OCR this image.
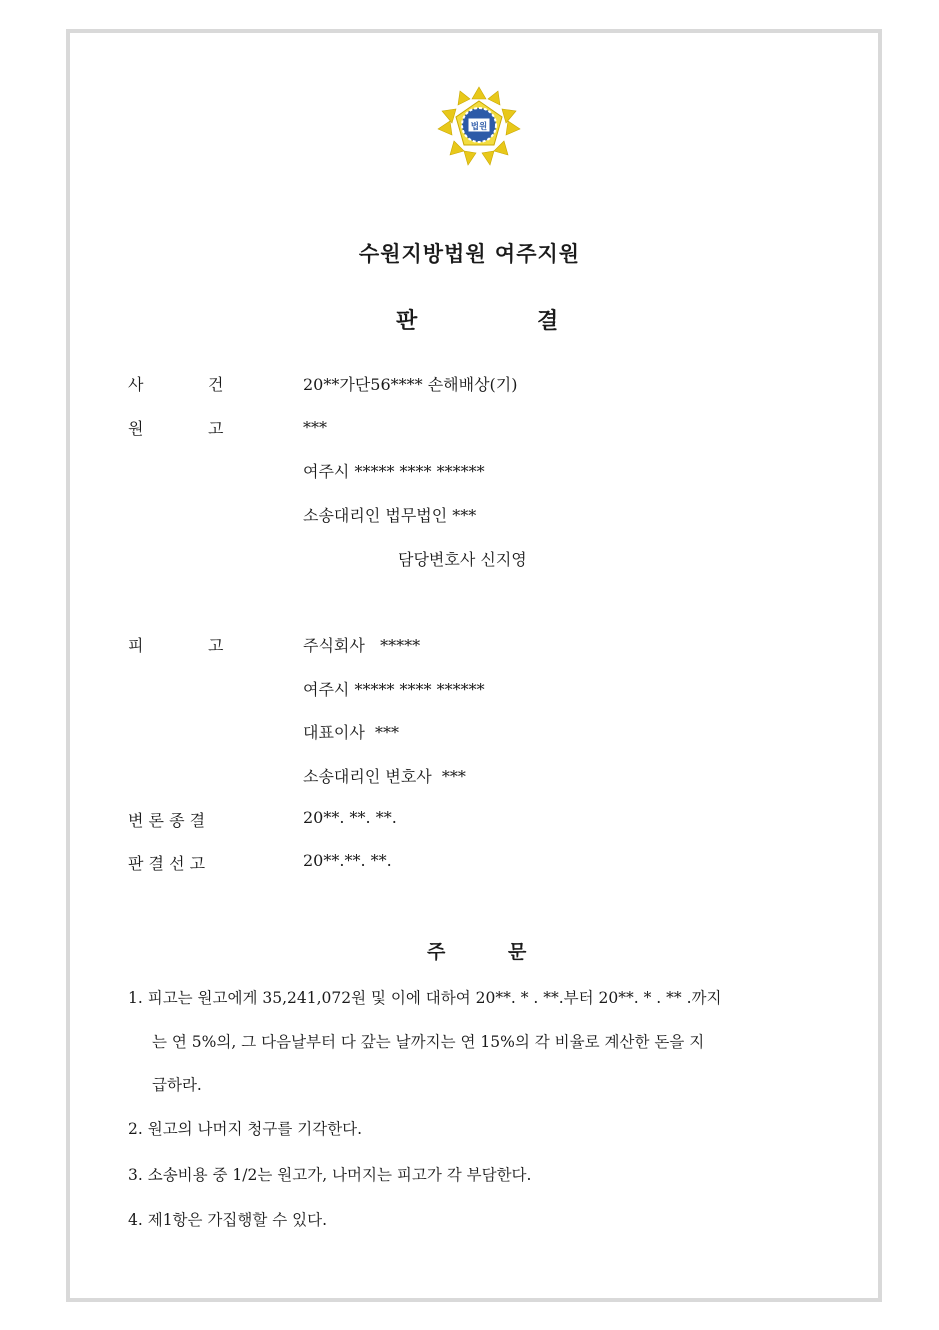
법원
수원지방법원 여주지원
판	결
사	건	20**가단56**** 손해배상(기)
원	고	***
여주시 ***** **** ******
소송대리인 법무법인 ***
담당변호사 신지영
피	고	주식회사   *****
여주시 ***** **** ******
대표이사  ***
소송대리인 변호사  ***
변 론 종 결	20**. **. **.
판 결 선 고	20**.**. **.
주	문
1. 피고는 원고에게 35,241,072원 및 이에 대하여 20**. * . **.부터 20**. * . ** .까지
는 연 5%의, 그 다음날부터 다 갚는 날까지는 연 15%의 각 비율로 계산한 돈을 지
급하라.
2. 원고의 나머지 청구를 기각한다.
3. 소송비용 중 1/2는 원고가, 나머지는 피고가 각 부담한다.
4. 제1항은 가집행할 수 있다.
